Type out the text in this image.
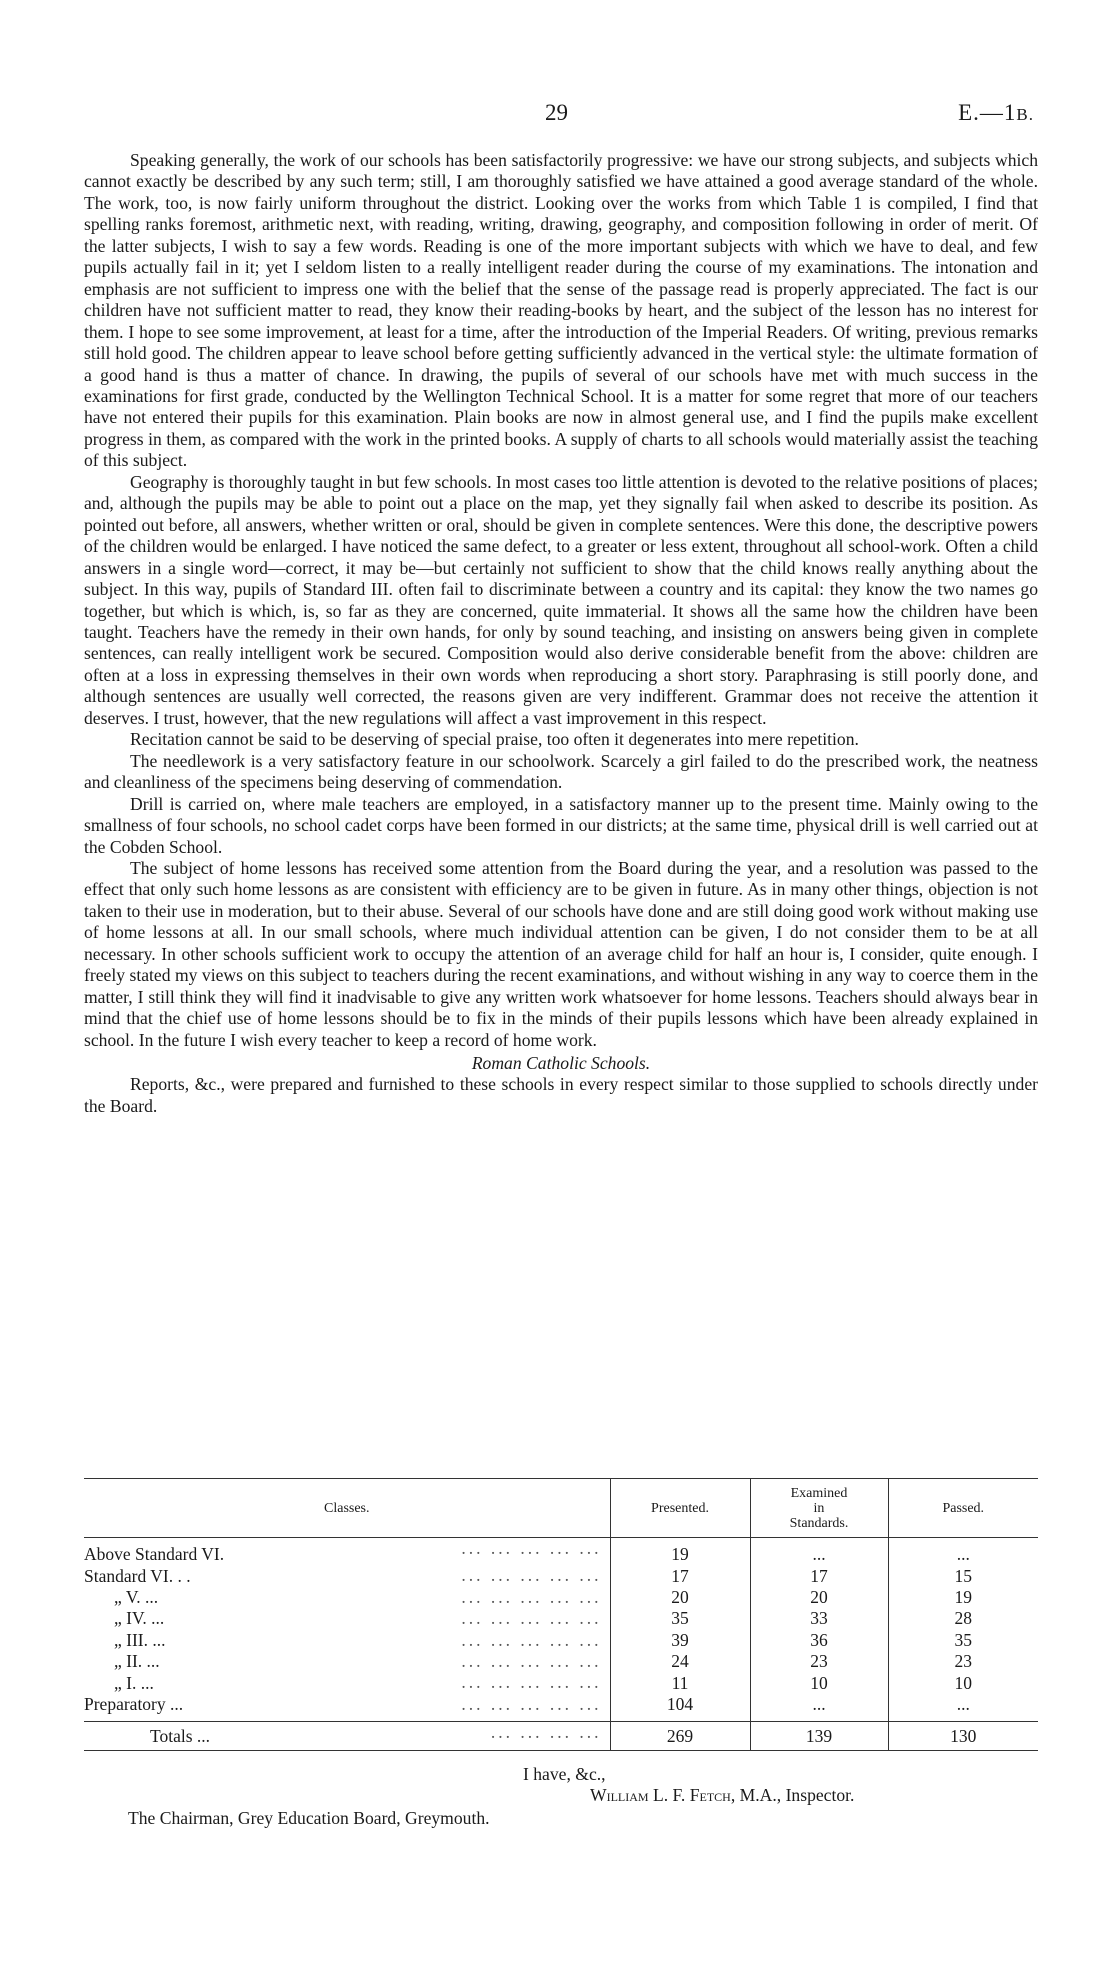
29	E.—1B.

Speaking generally, the work of our schools has been satisfactorily progressive: we have our strong subjects, and subjects which cannot exactly be described by any such term; still, I am thoroughly satisfied we have attained a good average standard of the whole. The work, too, is now fairly uniform throughout the district. Looking over the works from which Table 1 is compiled, I find that spelling ranks foremost, arithmetic next, with reading, writing, drawing, geography, and composition following in order of merit. Of the latter subjects, I wish to say a few words. Reading is one of the more important subjects with which we have to deal, and few pupils actually fail in it; yet I seldom listen to a really intelligent reader during the course of my examinations. The intonation and emphasis are not sufficient to impress one with the belief that the sense of the passage read is properly appreciated. The fact is our children have not sufficient matter to read, they know their reading-books by heart, and the subject of the lesson has no interest for them. I hope to see some improvement, at least for a time, after the introduction of the Imperial Readers. Of writing, previous remarks still hold good. The children appear to leave school before getting sufficiently advanced in the vertical style: the ultimate formation of a good hand is thus a matter of chance. In drawing, the pupils of several of our schools have met with much success in the examinations for first grade, conducted by the Wellington Technical School. It is a matter for some regret that more of our teachers have not entered their pupils for this examination. Plain books are now in almost general use, and I find the pupils make excellent progress in them, as compared with the work in the printed books. A supply of charts to all schools would materially assist the teaching of this subject.

Geography is thoroughly taught in but few schools. In most cases too little attention is devoted to the relative positions of places; and, although the pupils may be able to point out a place on the map, yet they signally fail when asked to describe its position. As pointed out before, all answers, whether written or oral, should be given in complete sentences. Were this done, the descriptive powers of the children would be enlarged. I have noticed the same defect, to a greater or less extent, throughout all school-work. Often a child answers in a single word—correct, it may be—but certainly not sufficient to show that the child knows really anything about the subject. In this way, pupils of Standard III. often fail to discriminate between a country and its capital: they know the two names go together, but which is which, is, so far as they are concerned, quite immaterial. It shows all the same how the children have been taught. Teachers have the remedy in their own hands, for only by sound teaching, and insisting on answers being given in complete sentences, can really intelligent work be secured. Composition would also derive considerable benefit from the above: children are often at a loss in expressing themselves in their own words when reproducing a short story. Paraphrasing is still poorly done, and although sentences are usually well corrected, the reasons given are very indifferent. Grammar does not receive the attention it deserves. I trust, however, that the new regulations will affect a vast improvement in this respect.

Recitation cannot be said to be deserving of special praise, too often it degenerates into mere repetition.

The needlework is a very satisfactory feature in our schoolwork. Scarcely a girl failed to do the prescribed work, the neatness and cleanliness of the specimens being deserving of commendation.

Drill is carried on, where male teachers are employed, in a satisfactory manner up to the present time. Mainly owing to the smallness of four schools, no school cadet corps have been formed in our districts; at the same time, physical drill is well carried out at the Cobden School.

The subject of home lessons has received some attention from the Board during the year, and a resolution was passed to the effect that only such home lessons as are consistent with efficiency are to be given in future. As in many other things, objection is not taken to their use in moderation, but to their abuse. Several of our schools have done and are still doing good work without making use of home lessons at all. In our small schools, where much individual attention can be given, I do not consider them to be at all necessary. In other schools sufficient work to occupy the attention of an average child for half an hour is, I consider, quite enough. I freely stated my views on this subject to teachers during the recent examinations, and without wishing in any way to coerce them in the matter, I still think they will find it inadvisable to give any written work whatsoever for home lessons. Teachers should always bear in mind that the chief use of home lessons should be to fix in the minds of their pupils lessons which have been already explained in school. In the future I wish every teacher to keep a record of home work.

Roman Catholic Schools.

Reports, &c., were prepared and furnished to these schools in every respect similar to those supplied to schools directly under the Board.

Classes.	Presented.	Examined
in
Standards.	Passed.
Above Standard VI. ... ... ... ... ...	19	...	...
Standard VI. . . ... ... ... ... ...	17	17	15
„ V. ... ... ... ... ... ...	20	20	19
„ IV. ... ... ... ... ... ...	35	33	28
„ III. ... ... ... ... ... ...	39	36	35
„ II. ... ... ... ... ... ...	24	23	23
„ I. ... ... ... ... ... ...	11	10	10
Preparatory ... ... ... ... ... ...	104	...	...
Totals ... ... ... ... ...	269	139	130
I have, &c.,
William L. F. Fetch, M.A., Inspector.
The Chairman, Grey Education Board, Greymouth.
